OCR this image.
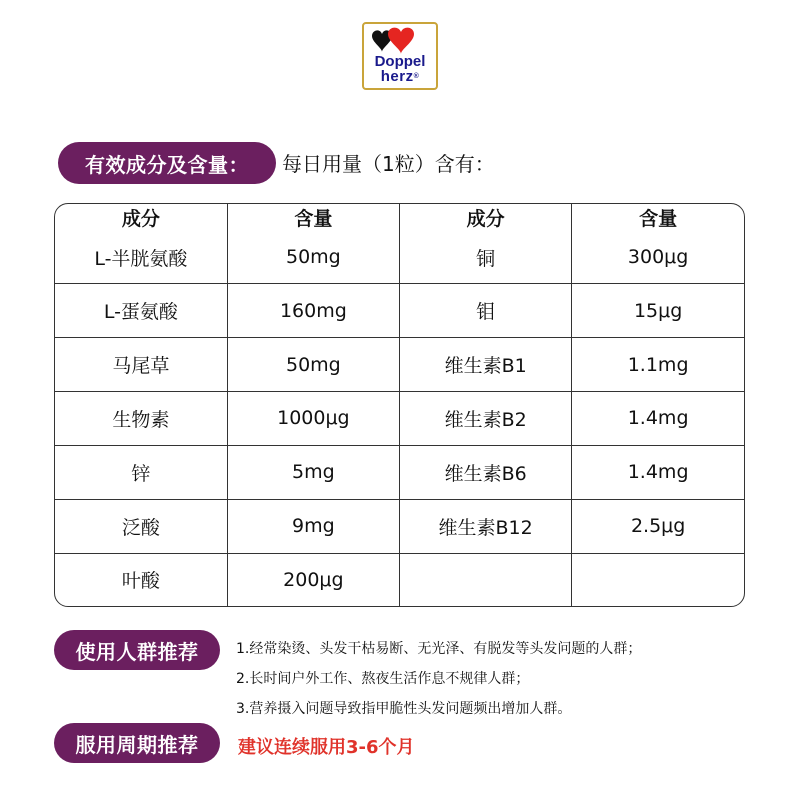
Doppel
herz®
有效成分及含量：	每日用量（1粒）含有：
成分	含量	成分	含量
L-半胱氨酸	50mg	铜	300μg
L-蛋氨酸	160mg	钼	15μg
马尾草	50mg	维生素B1	1.1mg
生物素	1000μg	维生素B2	1.4mg
锌	5mg	维生素B6	1.4mg
泛酸	9mg	维生素B12	2.5μg
叶酸	200μg		
使用人群推荐	1.经常染烫、头发干枯易断、无光泽、有脱发等头发问题的人群；
2.长时间户外工作、熬夜生活作息不规律人群；
3.营养摄入问题导致指甲脆性头发问题频出增加人群。
服用周期推荐	建议连续服用3-6个月
